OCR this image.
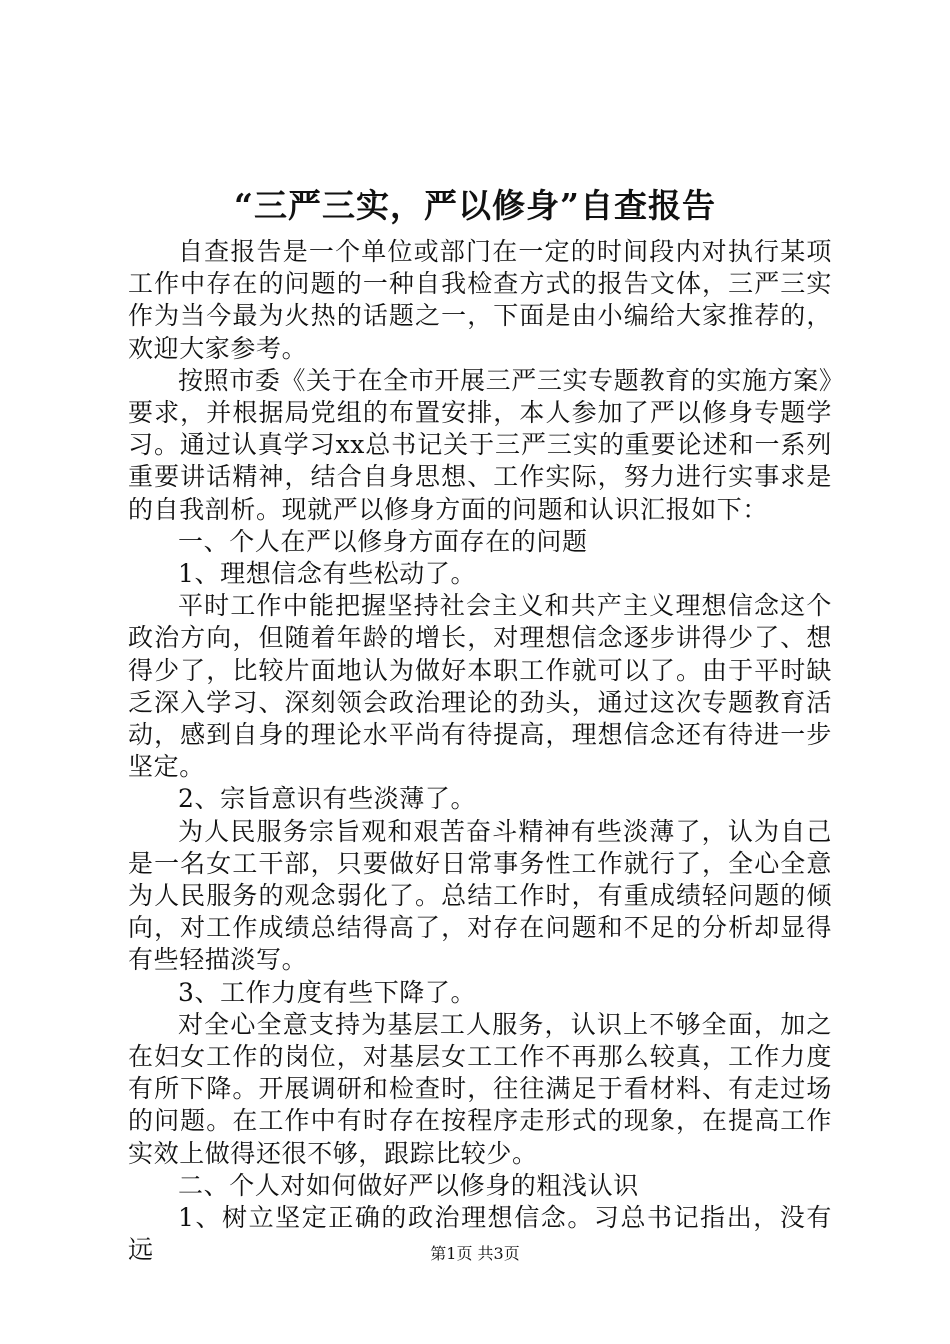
“三严三实，严以修身”自查报告

自查报告是一个单位或部门在一定的时间段内对执行某项工作中存在的问题的一种自我检查方式的报告文体，三严三实作为当今最为火热的话题之一，下面是由小编给大家推荐的，欢迎大家参考。

按照市委《关于在全市开展三严三实专题教育的实施方案》要求，并根据局党组的布置安排，本人参加了严以修身专题学习。通过认真学习xx总书记关于三严三实的重要论述和一系列重要讲话精神，结合自身思想、工作实际，努力进行实事求是的自我剖析。现就严以修身方面的问题和认识汇报如下：

一、个人在严以修身方面存在的问题

1、理想信念有些松动了。

平时工作中能把握坚持社会主义和共产主义理想信念这个政治方向，但随着年龄的增长，对理想信念逐步讲得少了、想得少了，比较片面地认为做好本职工作就可以了。由于平时缺乏深入学习、深刻领会政治理论的劲头，通过这次专题教育活动，感到自身的理论水平尚有待提高，理想信念还有待进一步坚定。

2、宗旨意识有些淡薄了。

为人民服务宗旨观和艰苦奋斗精神有些淡薄了，认为自己是一名女工干部，只要做好日常事务性工作就行了，全心全意为人民服务的观念弱化了。总结工作时，有重成绩轻问题的倾向，对工作成绩总结得高了，对存在问题和不足的分析却显得有些轻描淡写。

3、工作力度有些下降了。

对全心全意支持为基层工人服务，认识上不够全面，加之在妇女工作的岗位，对基层女工工作不再那么较真，工作力度有所下降。开展调研和检查时，往往满足于看材料、有走过场的问题。在工作中有时存在按程序走形式的现象，在提高工作实效上做得还很不够，跟踪比较少。

二、个人对如何做好严以修身的粗浅认识

1、树立坚定正确的政治理想信念。习总书记指出，没有远	第1页 共3页
